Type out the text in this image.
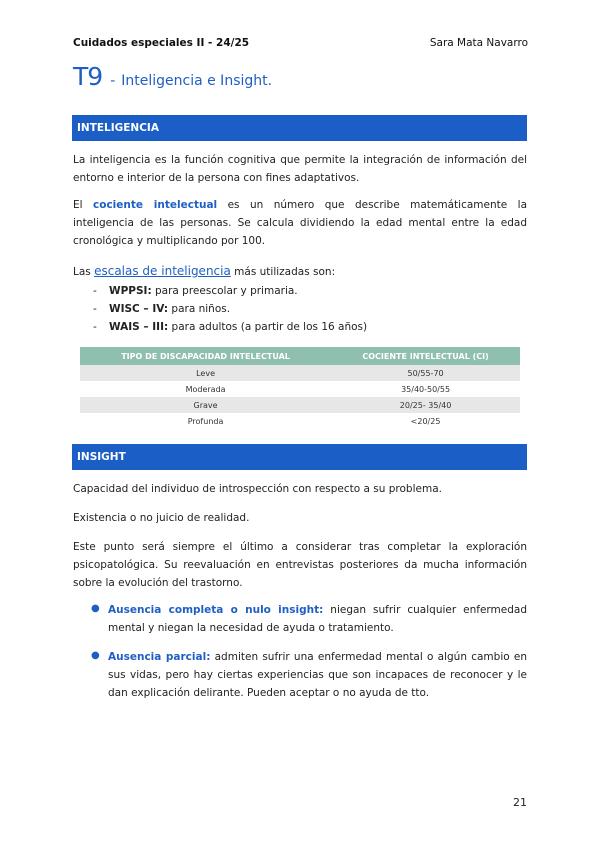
Cuidados especiales II - 24/25	Sara Mata Navarro
T9 - Inteligencia e Insight.
INTELIGENCIA

La inteligencia es la función cognitiva que permite la integración de información del entorno e interior de la persona con fines adaptativos.

El cociente intelectual es un número que describe matemáticamente la inteligencia de las personas. Se calcula dividiendo la edad mental entre la edad cronológica y multiplicando por 100.

Las escalas de inteligencia más utilizadas son:

- WPPSI: para preescolar y primaria.

- WISC – IV: para niños.

- WAIS – III: para adultos (a partir de los 16 años)

TIPO DE DISCAPACIDAD INTELECTUAL	COCIENTE INTELECTUAL (CI)
Leve	50/55-70
Moderada	35/40-50/55
Grave	20/25- 35/40
Profunda	<20/25
INSIGHT

Capacidad del individuo de introspección con respecto a su problema.

Existencia o no juicio de realidad.

Este punto será siempre el último a considerar tras completar la exploración psicopatológica. Su reevaluación en entrevistas posteriores da mucha información sobre la evolución del trastorno.

● Ausencia completa o nulo insight: niegan sufrir cualquier enfermedad mental y niegan la necesidad de ayuda o tratamiento.

● Ausencia parcial: admiten sufrir una enfermedad mental o algún cambio en sus vidas, pero hay ciertas experiencias que son incapaces de reconocer y le dan explicación delirante. Pueden aceptar o no ayuda de tto.

21
